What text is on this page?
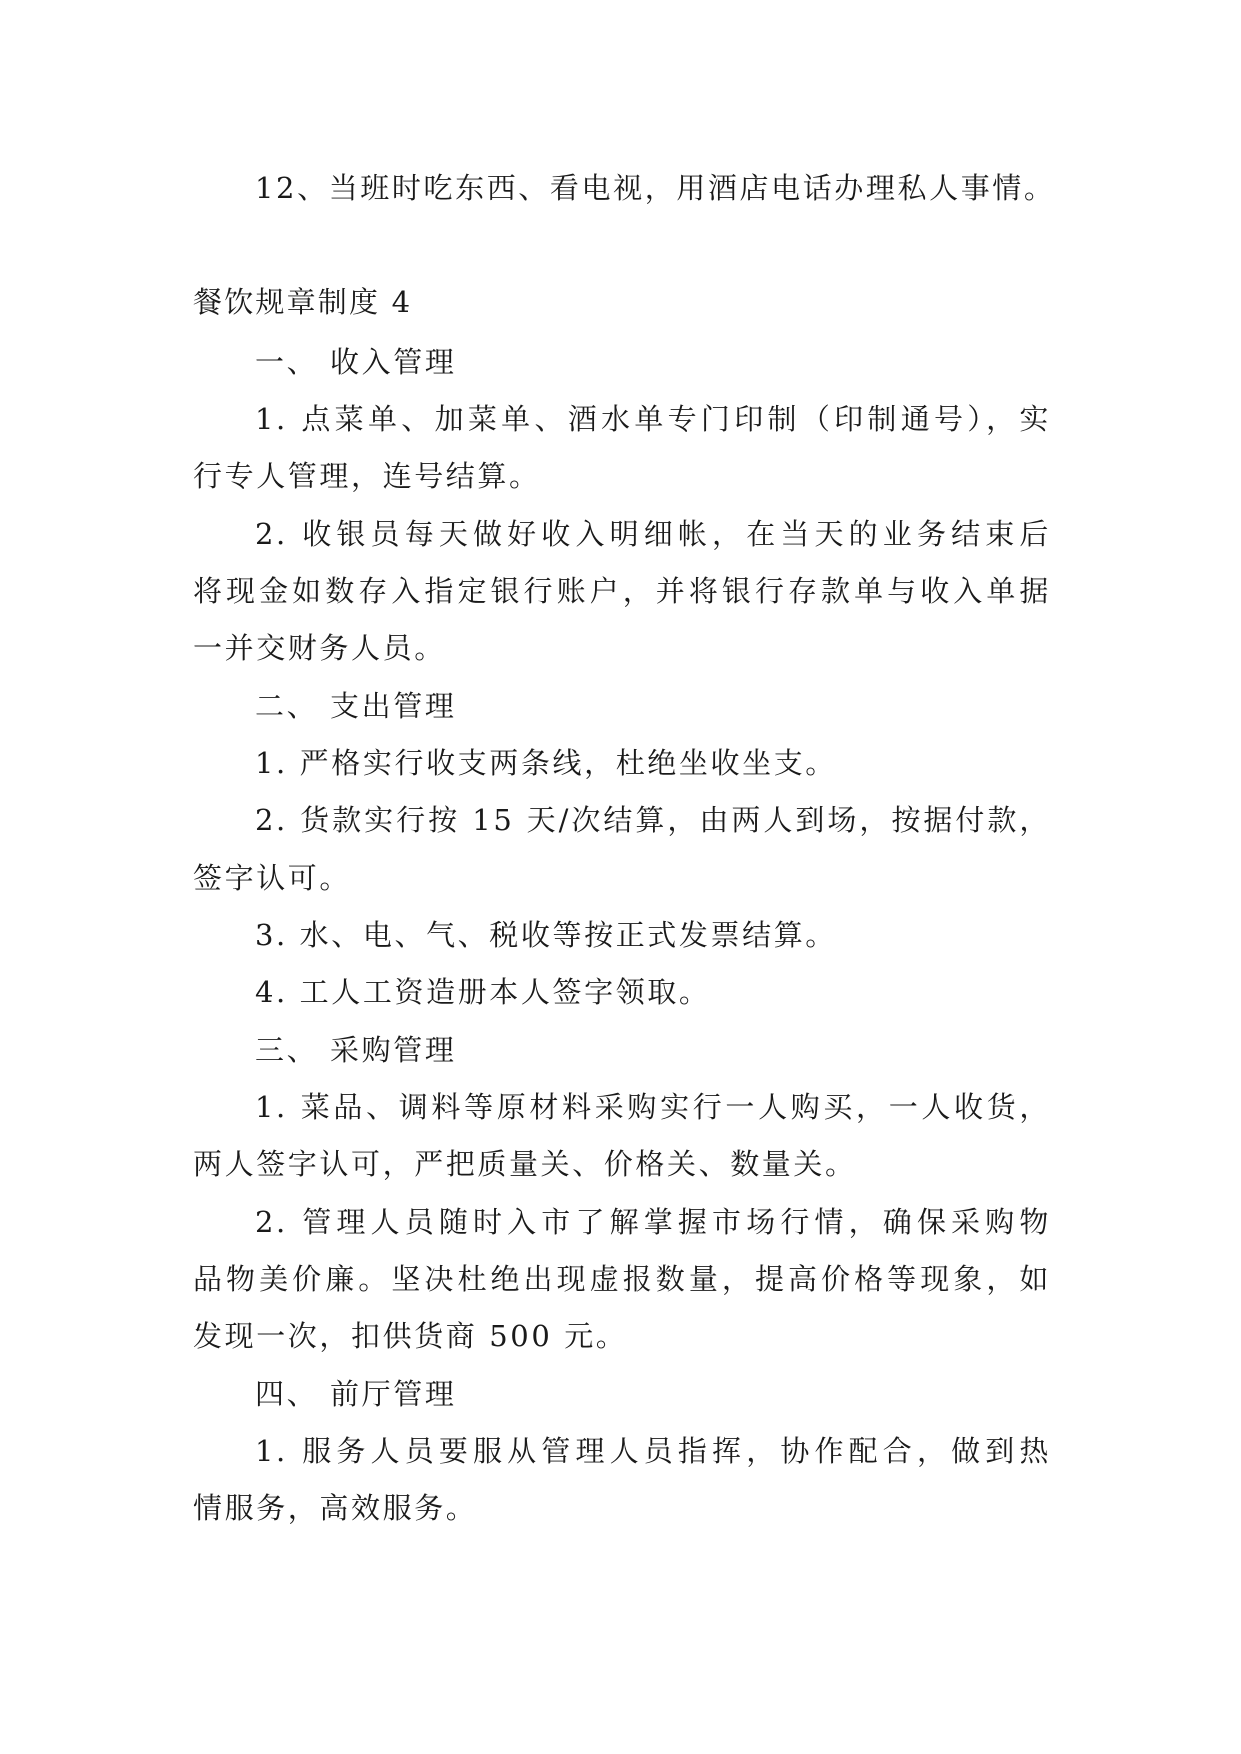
12、当班时吃东西、看电视，用酒店电话办理私人事情。
餐饮规章制度 4
一、 收入管理
1. 点菜单、加菜单、酒水单专门印制（印制通号），实
行专人管理，连号结算。
2. 收银员每天做好收入明细帐，在当天的业务结束后
将现金如数存入指定银行账户，并将银行存款单与收入单据
一并交财务人员。
二、 支出管理
1. 严格实行收支两条线，杜绝坐收坐支。
2. 货款实行按 15 天/次结算，由两人到场，按据付款，
签字认可。
3. 水、电、气、税收等按正式发票结算。
4. 工人工资造册本人签字领取。
三、 采购管理
1. 菜品、调料等原材料采购实行一人购买，一人收货，
两人签字认可，严把质量关、价格关、数量关。
2. 管理人员随时入市了解掌握市场行情，确保采购物
品物美价廉。坚决杜绝出现虚报数量，提高价格等现象，如
发现一次，扣供货商 500 元。
四、 前厅管理
1. 服务人员要服从管理人员指挥，协作配合，做到热
情服务，高效服务。
